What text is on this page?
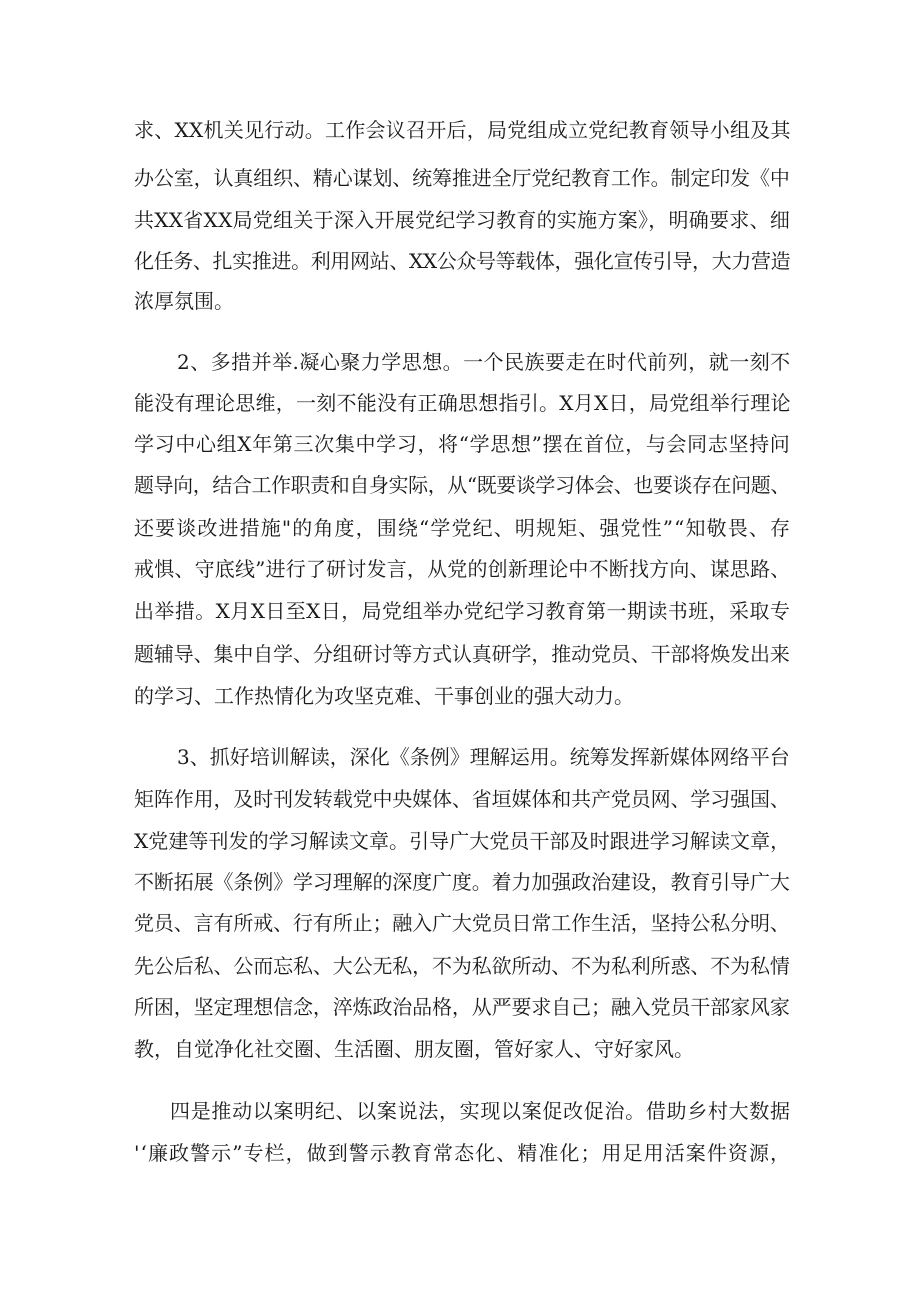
求、XX机关见行动。工作会议召开后，局党组成立党纪教育领导小组及其
办公室，认真组织、精心谋划、统筹推进全厅党纪教育工作。制定印发《中
共XX省XX局党组关于深入开展党纪学习教育的实施方案》，明确要求、细
化任务、扎实推进。利用网站、XX公众号等载体，强化宣传引导，大力营造
浓厚氛围。
2、多措并举.凝心聚力学思想。一个民族要走在时代前列，就一刻不
能没有理论思维，一刻不能没有正确思想指引。X月X日，局党组举行理论
学习中心组X年第三次集中学习，将“学思想”摆在首位，与会同志坚持问
题导向，结合工作职责和自身实际，从“既要谈学习体会、也要谈存在问题、
还要谈改进措施"的角度，围绕“学党纪、明规矩、强党性”“知敬畏、存
戒惧、守底线”进行了研讨发言，从党的创新理论中不断找方向、谋思路、
出举措。X月X日至X日，局党组举办党纪学习教育第一期读书班，采取专
题辅导、集中自学、分组研讨等方式认真研学，推动党员、干部将焕发出来
的学习、工作热情化为攻坚克难、干事创业的强大动力。
3、抓好培训解读，深化《条例》理解运用。统筹发挥新媒体网络平台
矩阵作用，及时刊发转载党中央媒体、省垣媒体和共产党员网、学习强国、
X党建等刊发的学习解读文章。引导广大党员干部及时跟进学习解读文章，
不断拓展《条例》学习理解的深度广度。着力加强政治建设，教育引导广大
党员、言有所戒、行有所止；融入广大党员日常工作生活，坚持公私分明、
先公后私、公而忘私、大公无私，不为私欲所动、不为私利所惑、不为私情
所困，坚定理想信念，淬炼政治品格，从严要求自己；融入党员干部家风家
教，自觉净化社交圈、生活圈、朋友圈，管好家人、守好家风。
四是推动以案明纪、以案说法，实现以案促改促治。借助乡村大数据
'‘廉政警示”专栏，做到警示教育常态化、精准化；用足用活案件资源，
